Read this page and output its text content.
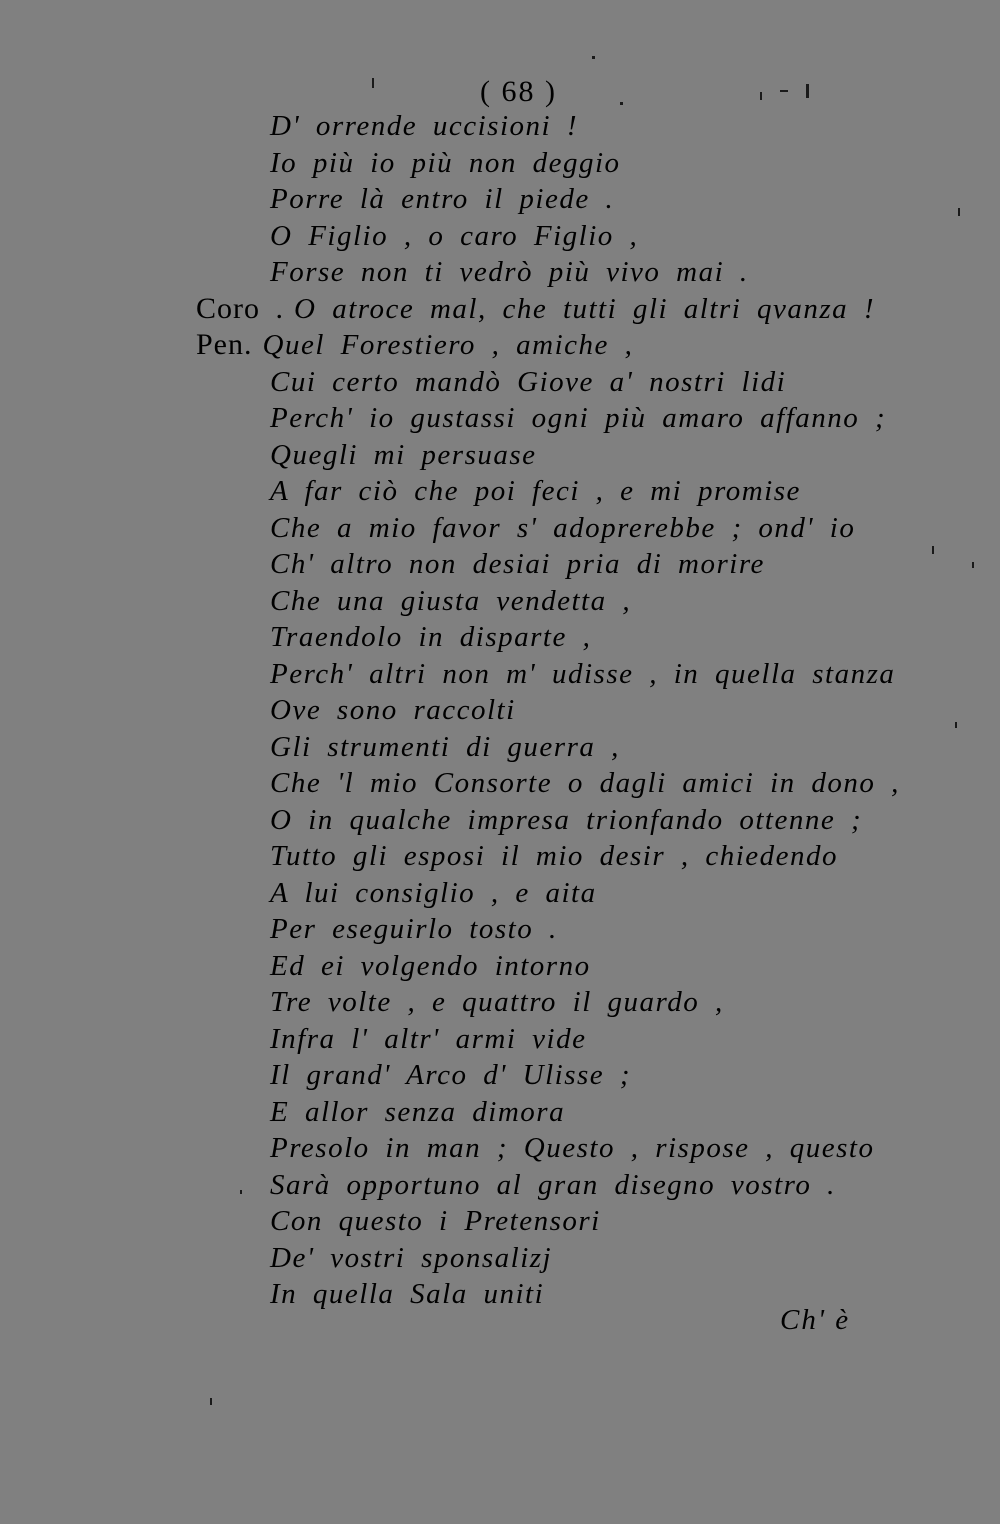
( 68 )
D' orrende uccisioni !
Io più io più non deggio
Porre là entro il piede .
O Figlio , o caro Figlio ,
Forse non ti vedrò più vivo mai .
Coro . O atroce mal, che tutti gli altri qvanza !
Pen. Quel Forestiero , amiche ,
Cui certo mandò Giove a' nostri lidi
Perch' io gustassi ogni più amaro affanno ;
Quegli mi persuase
A far ciò che poi feci , e mi promise
Che a mio favor s' adoprerebbe ; ond' io
Ch' altro non desiai pria di morire
Che una giusta vendetta ,
Traendolo in disparte ,
Perch' altri non m' udisse , in quella stanza
Ove sono raccolti
Gli strumenti di guerra ,
Che 'l mio Consorte o dagli amici in dono ,
O in qualche impresa trionfando ottenne ;
Tutto gli esposi il mio desir , chiedendo
A lui consiglio , e aita
Per eseguirlo tosto .
Ed ei volgendo intorno
Tre volte , e quattro il guardo ,
Infra l' altr' armi vide
Il grand' Arco d' Ulisse ;
E allor senza dimora
Presolo in man ; Questo , rispose , questo
Sarà opportuno al gran disegno vostro .
Con questo i Pretensori
De' vostri sponsalizj
In quella Sala uniti
Ch' è
